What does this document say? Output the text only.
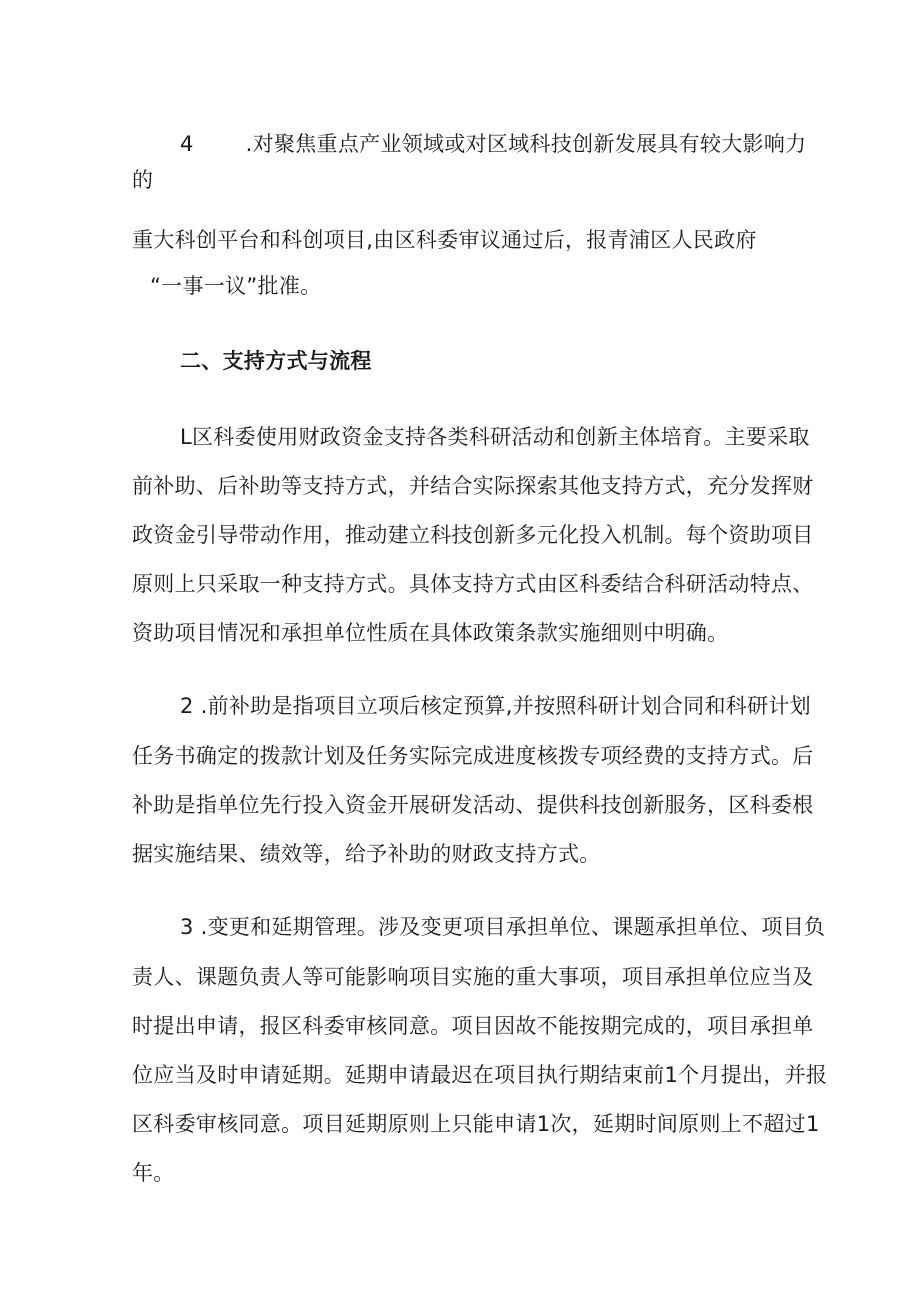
4 .对聚焦重点产业领域或对区域科技创新发展具有较大影响力
的
重大科创平台和科创项目,由区科委审议通过后，报青浦区人民政府
“一事一议”批准。
二、支持方式与流程
L区科委使用财政资金支持各类科研活动和创新主体培育。主要采取
前补助、后补助等支持方式，并结合实际探索其他支持方式，充分发挥财
政资金引导带动作用，推动建立科技创新多元化投入机制。每个资助项目
原则上只采取一种支持方式。具体支持方式由区科委结合科研活动特点、
资助项目情况和承担单位性质在具体政策条款实施细则中明确。
2 .前补助是指项目立项后核定预算,并按照科研计划合同和科研计划
任务书确定的拨款计划及任务实际完成进度核拨专项经费的支持方式。后
补助是指单位先行投入资金开展研发活动、提供科技创新服务，区科委根
据实施结果、绩效等，给予补助的财政支持方式。
3 .变更和延期管理。涉及变更项目承担单位、课题承担单位、项目负
责人、课题负责人等可能影响项目实施的重大事项，项目承担单位应当及
时提出申请，报区科委审核同意。项目因故不能按期完成的，项目承担单
位应当及时申请延期。延期申请最迟在项目执行期结束前1个月提出，并报
区科委审核同意。项目延期原则上只能申请1次，延期时间原则上不超过1
年。
